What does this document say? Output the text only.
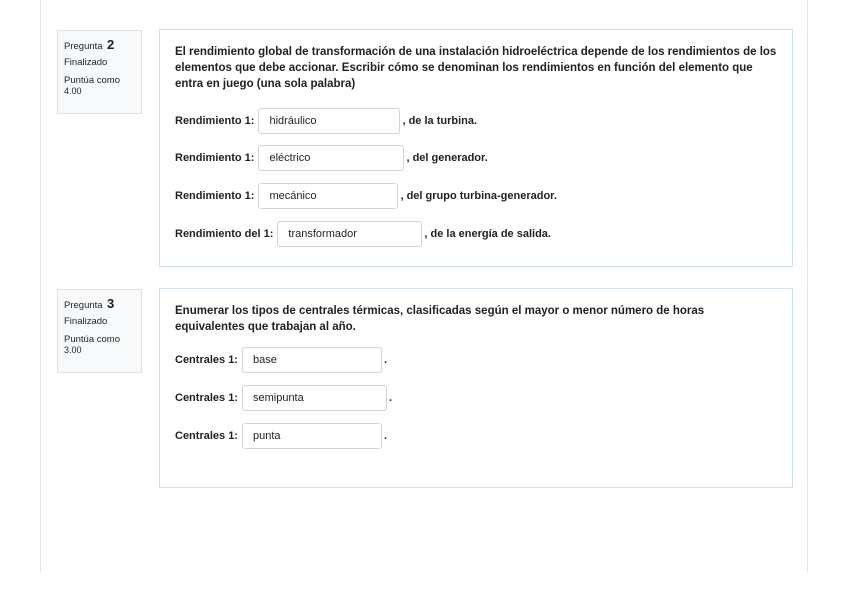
Pregunta 2
Finalizado
Puntúa como
4.00
El rendimiento global de transformación de una instalación hidroeléctrica depende de los rendimientos de los elementos que debe accionar. Escribir cómo se denominan los rendimientos en función del elemento que entra en juego (una sola palabra)
Rendimiento 1:	hidráulico	, de la turbina.
Rendimiento 1:	eléctrico	, del generador.
Rendimiento 1:	mecánico	, del grupo turbina-generador.
Rendimiento del 1:	transformador	, de la energía de salida.
Pregunta 3
Finalizado
Puntúa como
3.00
Enumerar los tipos de centrales térmicas, clasificadas según el mayor o menor número de horas equivalentes que trabajan al año.
Centrales 1:	base	.
Centrales 1:	semipunta	.
Centrales 1:	punta	.
